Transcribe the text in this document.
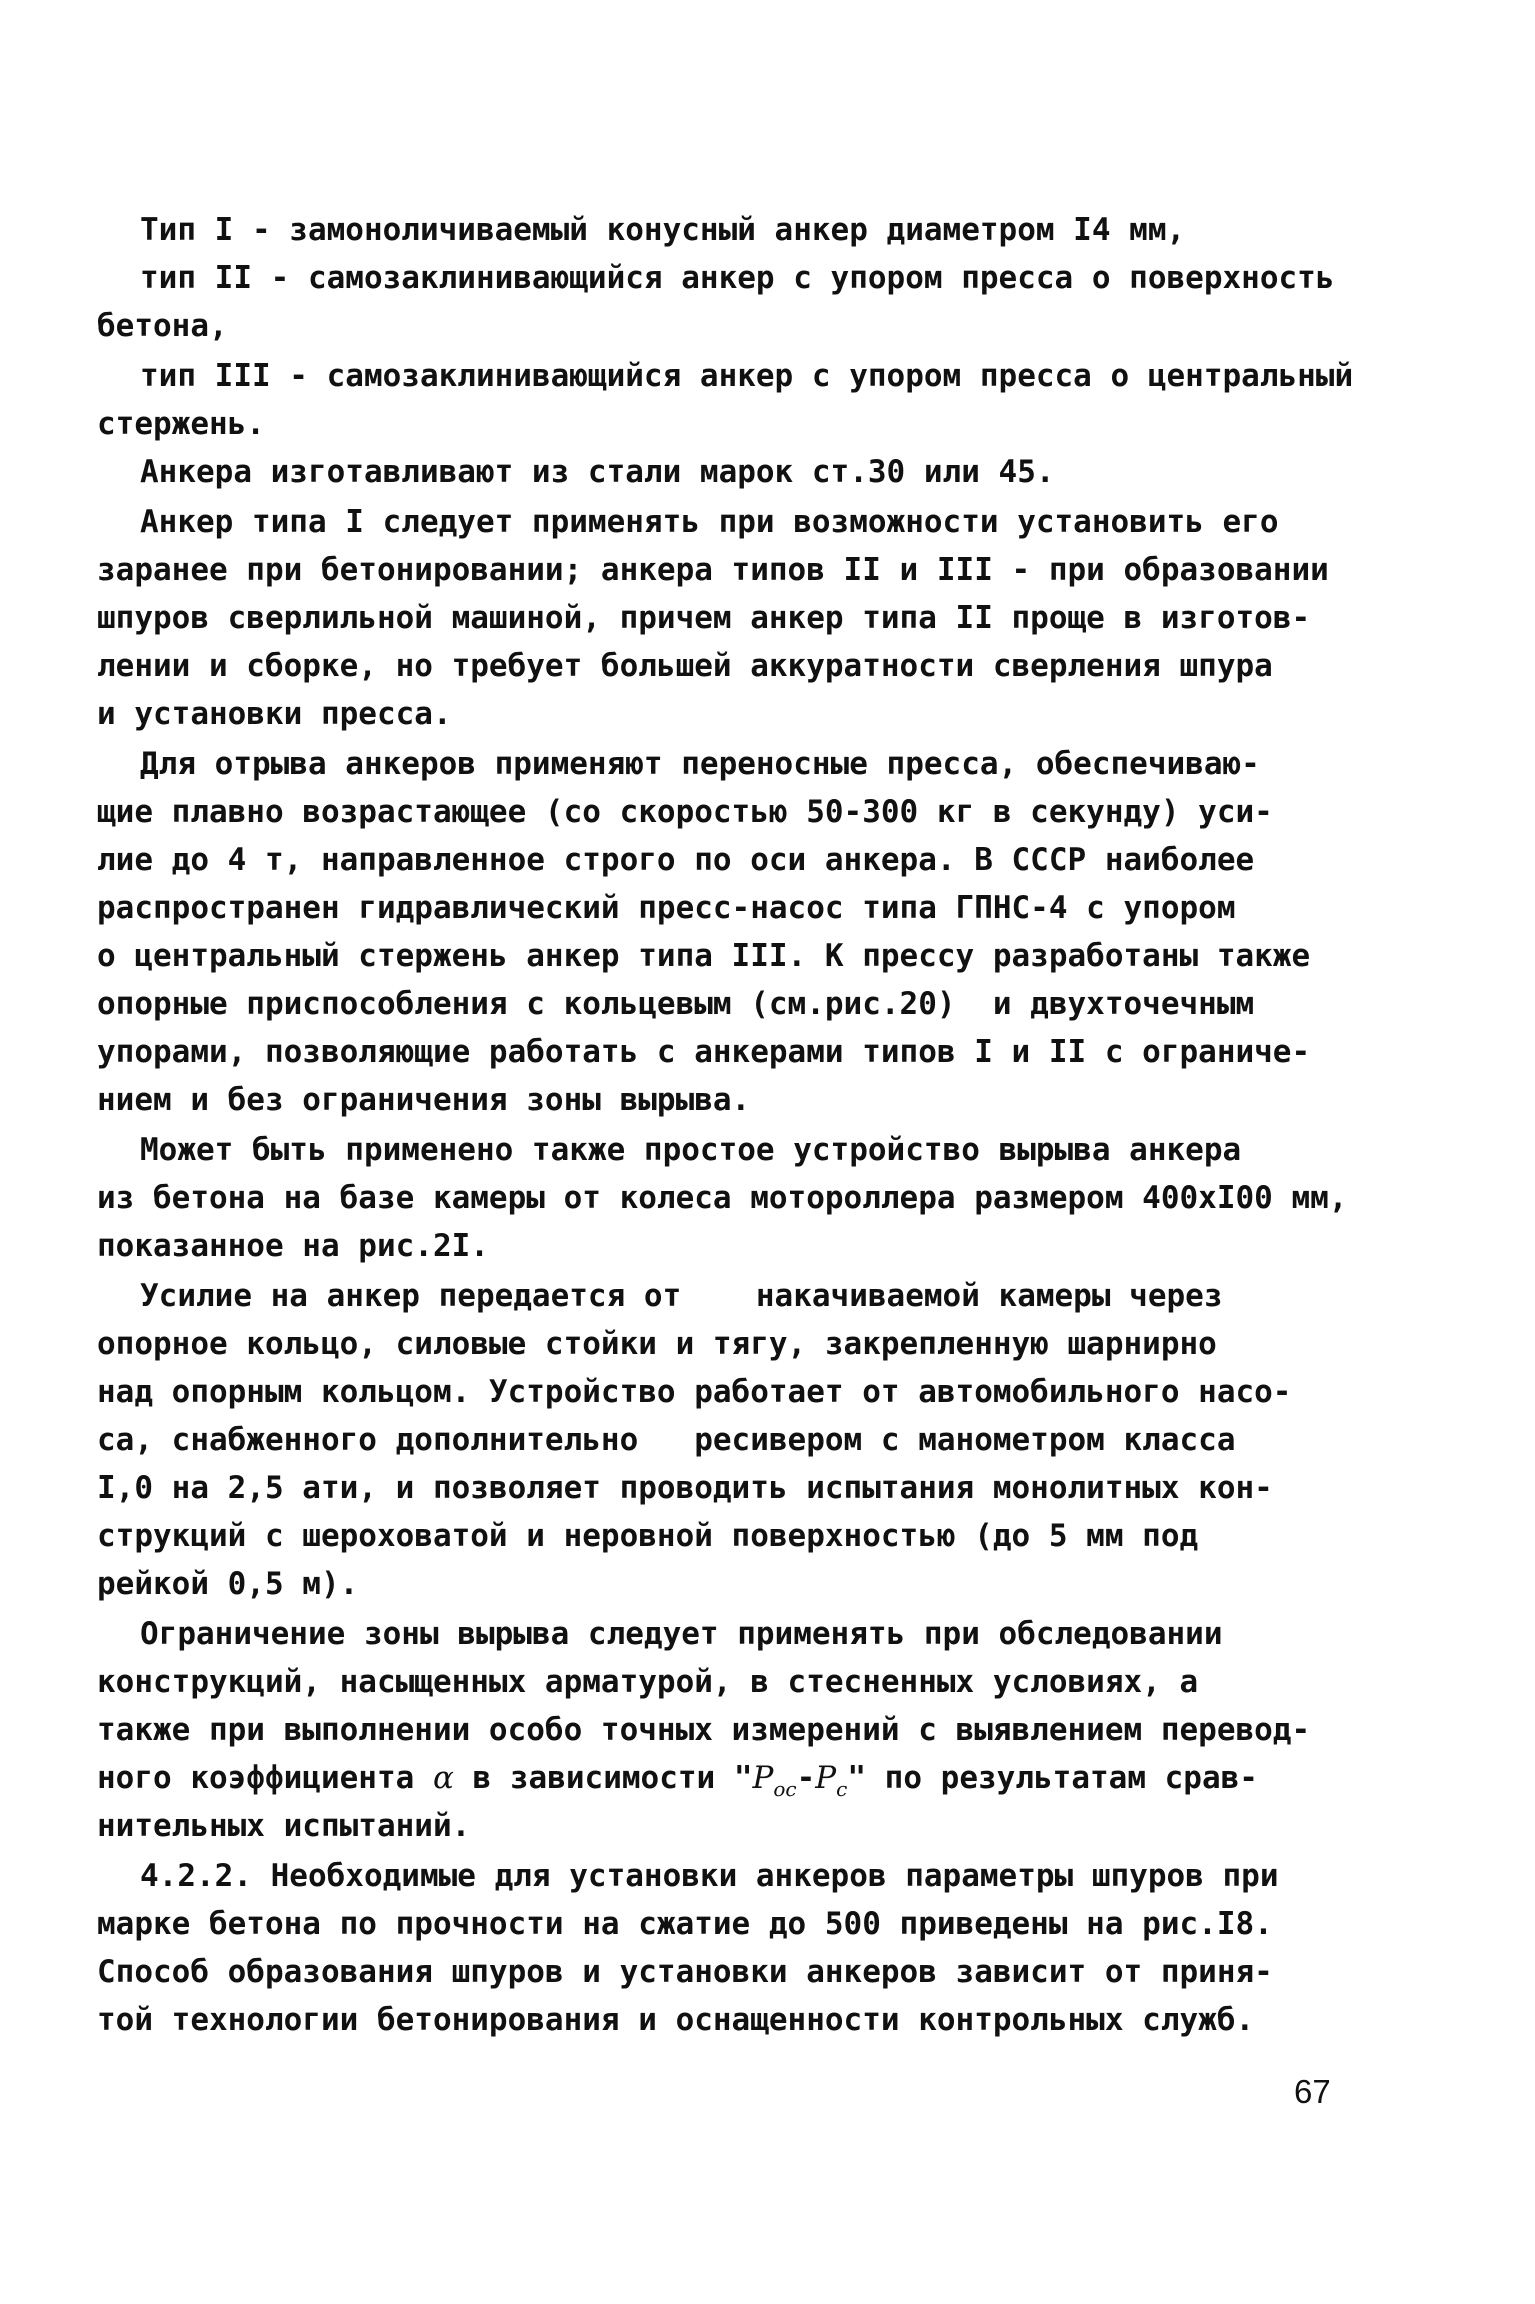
Тип I - замоноличиваемый конусный анкер диаметром I4 мм,
тип II - самозаклинивающийся анкер с упором пресса о поверхность
бетона,
тип III - самозаклинивающийся анкер с упором пресса о центральный
стержень.
Анкера изготавливают из стали марок ст.30 или 45.
Анкер типа I следует применять при возможности установить его
заранее при бетонировании; анкера типов II и III - при образовании
шпуров сверлильной машиной, причем анкер типа II проще в изготов-
лении и сборке, но требует большей аккуратности сверления шпура
и установки пресса.
Для отрыва анкеров применяют переносные пресса, обеспечиваю-
щие плавно возрастающее (со скоростью 50-300 кг в секунду) уси-
лие до 4 т, направленное строго по оси анкера. В СССР наиболее
распространен гидравлический пресс-насос типа ГПНС-4 с упором
о центральный стержень анкер типа III. К прессу разработаны также
опорные приспособления с кольцевым (см.рис.20)  и двухточечным
упорами, позволяющие работать с анкерами типов I и II с ограниче-
нием и без ограничения зоны вырыва.
Может быть применено также простое устройство вырыва анкера
из бетона на базе камеры от колеса мотороллера размером 400хI00 мм,
показанное на рис.2I.
Усилие на анкер передается от    накачиваемой камеры через
опорное кольцо, силовые стойки и тягу, закрепленную шарнирно
над опорным кольцом. Устройство работает от автомобильного насо-
са, снабженного дополнительно   ресивером с манометром класса
I,0 на 2,5 ати, и позволяет проводить испытания монолитных кон-
струкций с шероховатой и неровной поверхностью (до 5 мм под
рейкой 0,5 м).
Ограничение зоны вырыва следует применять при обследовании
конструкций, насыщенных арматурой, в стесненных условиях, а
также при выполнении особо точных измерений с выявлением перевод-
ного коэффициента α в зависимости "$P_{ос}-P_с$" по результатам срав-
нительных испытаний.
4.2.2. Необходимые для установки анкеров параметры шпуров при
марке бетона по прочности на сжатие до 500 приведены на рис.I8.
Способ образования шпуров и установки анкеров зависит от приня-
той технологии бетонирования и оснащенности контрольных служб.
67
